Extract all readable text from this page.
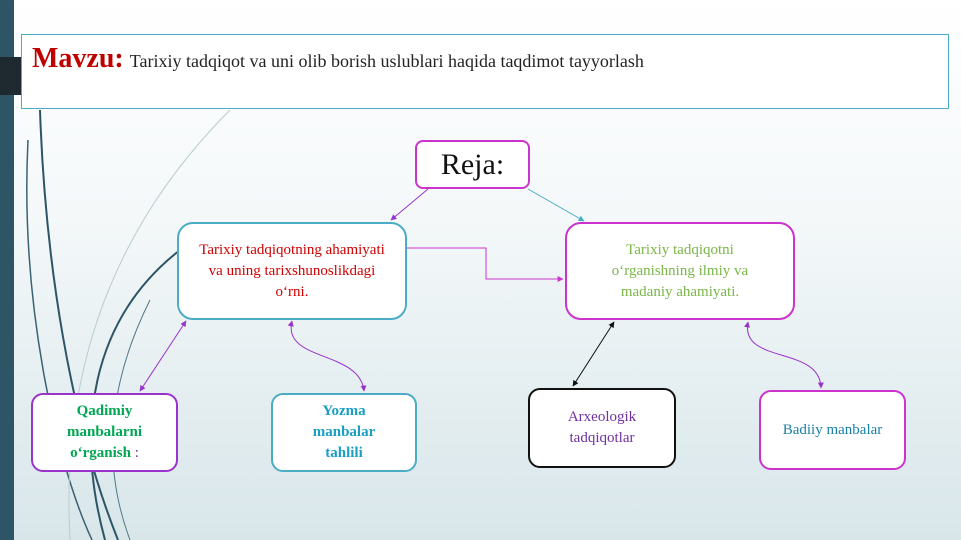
Mavzu: Tarixiy tadqiqot va uni olib borish uslublari haqida taqdimot tayyorlash
Reja:
Tarixiy tadqiqotning ahamiyati va uning tarixshunoslikdagi o‘rni.
Tarixiy tadqiqotni o‘rganishning ilmiy va madaniy ahamiyati.
Qadimiy manbalarni o‘rganish :
Yozma manbalar tahlili
Arxeologik tadqiqotlar
Badiiy manbalar
